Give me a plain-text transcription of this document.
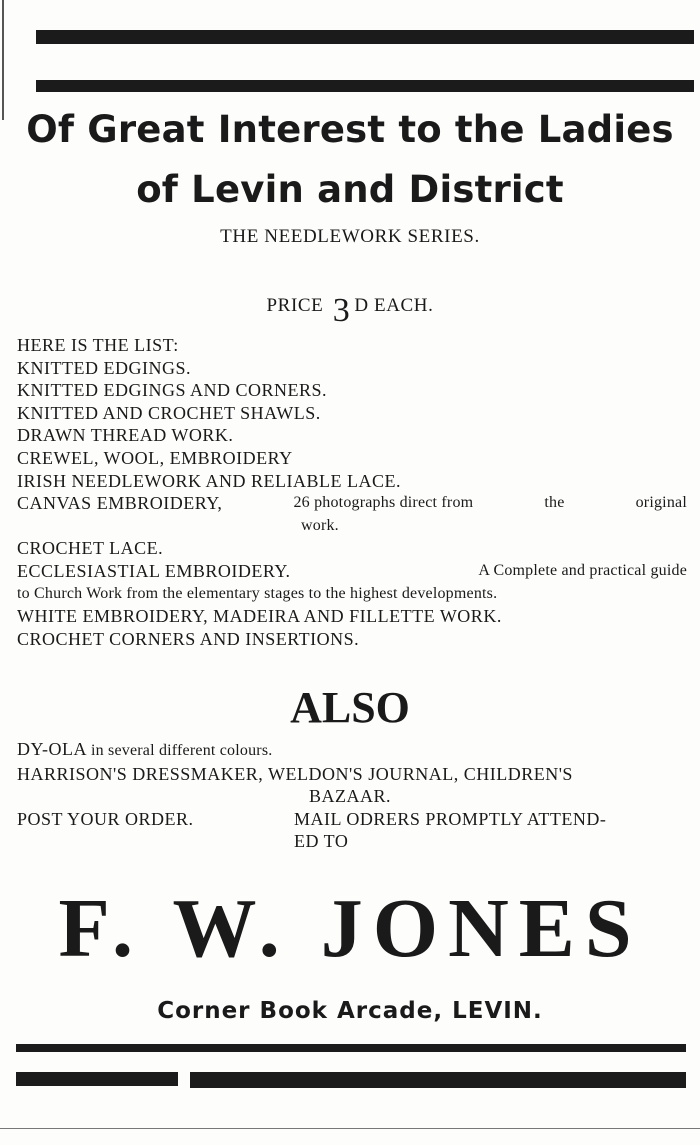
Of Great Interest to the Ladies
of Levin and District
THE NEEDLEWORK SERIES.
PRICE 3 D EACH.
HERE IS THE LIST:
KNITTED EDGINGS.
KNITTED EDGINGS AND CORNERS.
KNITTED AND CROCHET SHAWLS.
DRAWN THREAD WORK.
CREWEL, WOOL, EMBROIDERY
IRISH NEEDLEWORK AND RELIABLE LACE.
CANVAS EMBROIDERY,	26 photographs direct from	the	original
work.
CROCHET LACE.
ECCLESIASTIAL EMBROIDERY.	A Complete and practical guide
to Church Work from the elementary stages to the highest developments.
WHITE EMBROIDERY, MADEIRA AND FILLETTE WORK.
CROCHET CORNERS AND INSERTIONS.
ALSO
DY-OLA in several different colours.
HARRISON'S DRESSMAKER, WELDON'S JOURNAL, CHILDREN'S
BAZAAR.
POST YOUR ORDER.	MAIL ODRERS PROMPTLY ATTEND-
ED TO
F. W. JONES
Corner Book Arcade, LEVIN.
